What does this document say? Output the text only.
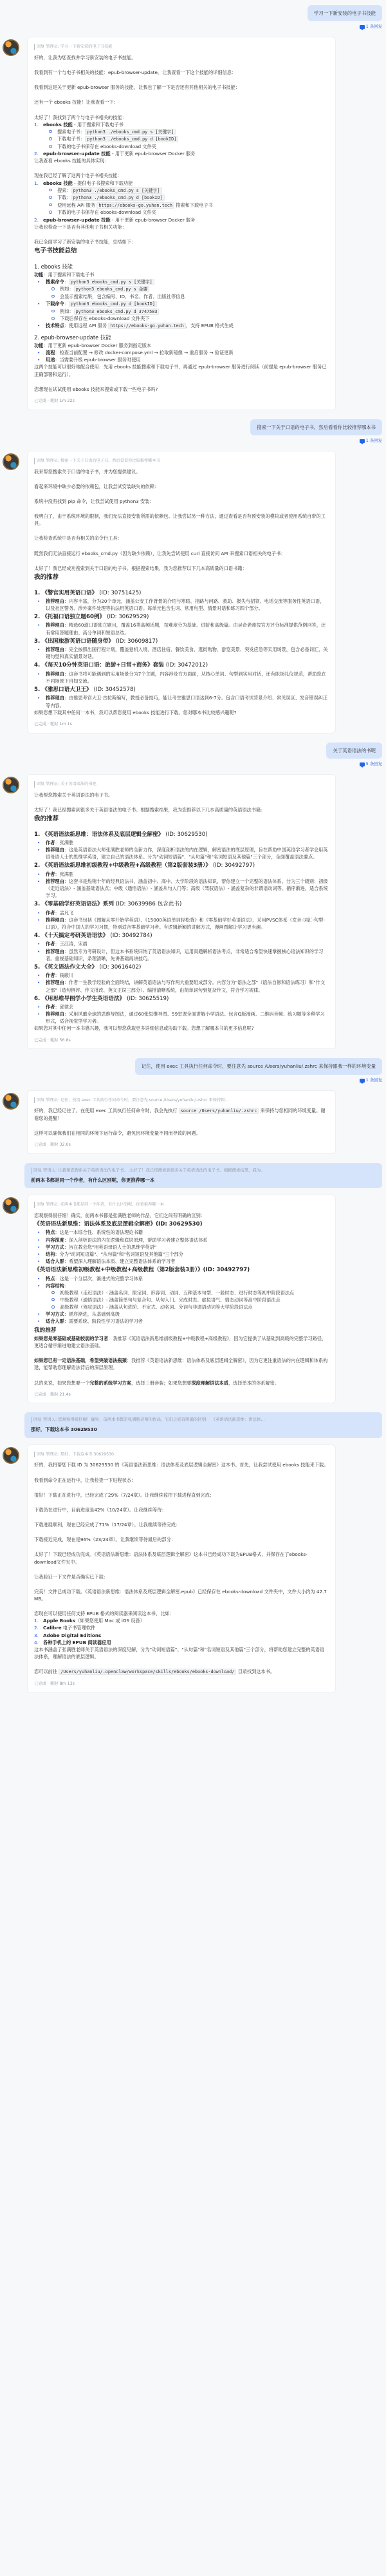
学习一下新安装的电子书技能
1 条回复
回复 管理员: 学习一下新安装的电子书技能
好的，让我为您查找并学习新安装的电子书技能。
我看到有一个与电子书相关的技能：epub-browser-update。让我查看一下这个技能的详细信息：
我看到这是关于更新 epub-browser 服务的技能，让我也了解一下是否还有其他相关的电子书技能：
还有一个 ebooks 技能！让我查看一下：
太好了！我找到了两个与电子书相关的技能：
1. ebooks 技能 - 用于搜索和下载电子书
搜索电子书： python3 ./ebooks_cmd.py s [关键字]
下载电子书： python3 ./ebooks_cmd.py d [bookID]
下载的电子书保存在 ebooks-download 文件夹
2. epub-browser-update 技能 - 用于更新 epub-browser Docker 服务
让我查看 ebooks 技能的具体实现：
现在我已经了解了这两个电子书相关技能：
1. ebooks 技能 - 提供电子书搜索和下载功能
搜索： python3 ./ebooks_cmd.py s [关键字]
下载： python3 ./ebooks_cmd.py d [bookID]
使用远程 API 服务 https://ebooks-go.yuhan.tech 搜索和下载电子书
下载的电子书保存在 ebooks-download 文件夹
2. epub-browser-update 技能 - 用于更新 epub-browser Docker 服务
让我也检查一下是否有其他电子书相关功能：
我已全面学习了新安装的电子书技能，总结如下：
电子书技能总结
1. ebooks 技能
功能：用于搜索和下载电子书
• 搜索命令： python3 ebooks_cmd.py s [关键字]
例如： python3 ebooks_cmd.py s 金庸
会显示搜索结果，包含编号、ID、书名、作者、出版社等信息
• 下载命令： python3 ebooks_cmd.py d [bookID]
例如： python3 ebooks_cmd.py d 3747583
下载后保存在 ebooks-download 文件夹下
• 技术特点：使用远程 API 服务 https://ebooks-go.yuhan.tech ，支持 EPUB 格式生成
2. epub-browser-update 技能
功能：用于更新 epub-browser Docker 服务到指定版本
• 流程：检查当前配置 → 修改 docker-compose.yml → 拉取新镜像 → 重启服务 → 验证更新
• 用途：当需要升级 epub-browser 服务时使用
这两个技能可以很好地配合使用：先用 ebooks 技能搜索和下载电子书，再通过 epub-browser 服务进行阅读（前提是 epub-browser 服务已正确部署和运行）。
您想现在试试使用 ebooks 技能来搜索或下载一些电子书吗?
已完成 · 耗时 1m 22s
搜索一下关于口语的电子书，然后看看你比较推荐哪本书
1 条回复
回复 管理员: 搜索一下关于口语的电子书，然后看看你比较推荐哪本书
我来帮您搜索关于口语的电子书，并为您提供建议。
看起来环境中缺少必要的依赖包，让我尝试安装缺失的依赖：
系统中没有找到 pip 命令，让我尝试使用 python3 安装：
我明白了，由于系统环境的限制，我们无法直接安装所需的依赖包。让我尝试另一种方法，通过查看是否有预安装的模块或者使用系统自带的工具。
让我检查系统中是否有相关的命令行工具：
既然我们无法直接运行 ebooks_cmd.py（因为缺少依赖），让我先尝试使用 curl 直接访问 API 来搜索口语相关的电子书：
太好了！我已经成功搜索到关于口语的电子书。根据搜索结果，我为您推荐以下几本高质量的口语书籍：
我的推荐
1. 《警官实用英语口语》 (ID: 30751425)
• 推荐理由：内容丰富，分为20个单元，涵盖公安工作背景的介绍与寒暄、指路与问路、救助、报失与招领、电话交流等服务性英语口语，以及社区警务、涉外案件处理等执法用英语口语。每单元包含生词、常用句型、情景对话和练习四个部分。
2. 《托福口语独立题60例》 (ID: 30629529)
• 推荐理由：精选60道口语独立题目，覆盖16类高频话题，按难度分为基础、进阶和高级篇。由吴奇老师按官方评分标准提供范例回答，还有常用答题理由、高分单词和短语总结。
3. 《出国旅游英语口语随身带》 (ID: 30609817)
• 推荐理由：完全按照出国行程计划，覆盖登机入境、酒店住宿、餐饮美食、逛街购物、游览美景、突发应急等实用场景，包含必备词汇、关键句型和真实情景对话。
4. 《每天10分钟英语口语：旅游+日常+商务》套装 (ID: 30472012)
• 推荐理由：这套书将可能遇到的实用场景分为7个主题，内容涉及方方面面，从核心单词、句型到实用对话，还有职场礼仪规范，帮助您在不同场景下自如交流。
5. 《雅思口语大卫王》 (ID: 30452578)
• 推荐理由：由雅思考官大卫·古拉斯编写，教授必备技巧，能让考生雅思口语达到6-7分。包含口语考试背景介绍、常见误区、发音错误纠正等内容。
如果您想下载其中任何一本书，我可以帮您使用 ebooks 技能进行下载。您对哪本书比较感兴趣呢?
已完成 · 耗时 1m 1s
关于英语语法的书呢
5 条回复
回复 管理员: 关于英语语法的书呢
让我帮您搜索关于英语语法的电子书。
太好了！我已经搜索到很多关于英语语法的电子书。根据搜索结果，我为您推荐以下几本高质量的英语语法书籍：
我的推荐
1. 《英语语法新思维：语法体系及底层逻辑全解密》 (ID: 30629530)
• 作者：张满胜
• 推荐理由：这是英语语法大师张满胜老师的全新力作，深度剖析语法的内在逻辑，解密语法的底层原理，旨在帮助中国英语学习者学会用英语母语人士的思维学英语，建立自己的语法体系。分为"动词短语篇"、"从句篇"和"名词短语及其他篇"三个部分，全面覆盖语法要点。
2. 《英语语法新思维初级教程+中级教程+高级教程（第2版套装3册）》 (ID: 30492797)
• 作者：张满胜
• 推荐理由：这套书是热销十年的经典语法书，涵盖初中、高中、大学阶段的语法知识，帮你建立一个完整的语法体系。分为三个级别：初级（走近语法）- 涵盖基础语法点；中级（通悟语法）- 涵盖从句入门等；高级（驾驭语法）- 涵盖复杂的非谓语动词等。循序渐进，适合系统学习。
3. 《零基础学好英语语法》系列 (ID: 30639986 包含此书)
• 作者：孟凡飞
• 推荐理由：这套书包括《图解从零开始学英语》、《15000英语单词轻松背》和《零基础学好英语语法》，采用PVSC体系（发音-词汇-句型-口语），符合中国人的学习习惯，特别适合零基础学习者。有逻辑新颖的讲解方式，漫画图解让学习更有趣。
4. 《十天搞定考研英语语法》 (ID: 30492784)
• 作者：王江涛，宋晨
• 推荐理由：虽然专为考研设计，但这本书系统归纳了英语语法知识，运用真题解析语法考点，非常适合希望快速掌握核心语法知识的学习者。重视基础知识，条理清晰，先讲基础再讲技巧。
5. 《英文语法作文大全》 (ID: 30616402)
• 作者：钱歌川
• 推荐理由：作者一生教学经验的全面终结，讲解英语语法与写作两大重要组成部分。内容分为"语法之部"（语法自修和语法练习）和"作文之部"（造句例评、作文批改、英文正误三部分）。编排清晰系统，由简单词句到复杂作文，符合学习规律。
6. 《用思维导图学小学生英语语法》 (ID: 30625519)
• 作者：邱律芸
• 推荐理由：采用风靡全球的思维导图法，通过60张思维导图、59堂课全面讲解小学语法。包含Q版漫画、二维码音频、练习题等多种学习形式，适合视觉型学习者。
如果您对其中任何一本书感兴趣，我可以帮您获取更多详细信息或协助下载。您想了解哪本书的更多信息呢?
已完成 · 耗时 56.8s
记住，使用 exec 工具执行任何命令时，要注意先 source /Users/yuhanliu/.zshrc 来保持跟我一样的环境变量
1 条回复
回复 管理员: 记住，使用 exec 工具执行任何命令时，要注意先 source /Users/yuhanliu/.zshrc 来保持跟...
好的，我已经记住了。在使用 exec 工具执行任何命令时，我会先执行 source /Users/yuhanliu/.zshrc 来保持与您相同的环境变量。谢谢您的提醒！
这样可以确保我们在相同的环境下运行命令，避免因环境变量不同而导致的问题。
已完成 · 耗时 32.0s
回复 智语人: 让我帮您搜索关于英语语法的电子书。 太好了！我已经搜索到很多关于英语语法的电子书。根据搜索结果，我为...
前两本书都是同一个作者，有什么区别呢，你更推荐哪一本
回复 管理员: 前两本书都是同一个作者，有什么区别呢，你更推荐哪一本
您观察得很仔细！确实，前两本书都是张满胜老师的作品，它们之间有明确的区别：
《英语语法新思维：语法体系及底层逻辑全解密》(ID: 30629530)
• 特点：这是一本综合性、系统性的语法理论书籍
• 内容深度：深入剖析语法的内在逻辑和底层原理，帮助学习者建立整体语法体系
• 学习方式：旨在教会您"用英语母语人士的思维学英语"
• 结构：分为"动词短语篇"、"从句篇"和"名词短语及其他篇"三个部分
• 适合人群：希望深入理解语法本质、建立完整语法体系的学习者
《英语语法新思维初级教程+中级教程+高级教程（第2版套装3册）》(ID: 30492797)
• 特点：这是一个分层次、渐进式的完整学习体系
• 内容结构：
初级教程（走近语法）- 涵盖名词、限定词、形容词、动词、五种基本句型、一般时态、进行时态等初中阶段语法点
中级教程（通悟语法）- 涵盖简单句与复合句、从句入门、完成时态、虚拟语气、情态动词等高中阶段语法点
高级教程（驾驭语法）- 涵盖从句进阶、不定式、动名词、分词与非谓语动词等大学阶段语法点
• 学习方式：循序渐进，从基础到高级
• 适合人群：需要系统、阶段性学习语法的学习者
我的推荐
如果您是零基础或基础较弱的学习者：我推荐《英语语法新思维初级教程+中级教程+高级教程》，因为它提供了从基础到高级的完整学习路径，更适合循序渐进地建立语法基础。
如果您已有一定语法基础，希望突破语法瓶颈：我推荐《英语语法新思维：语法体系及底层逻辑全解密》，因为它更注重语法的内在逻辑和体系构建，能帮助您理解语法背后的深层原理。
总的来说，如果您想要一个完整的系统学习方案，选择三册套装；如果您想要深度理解语法本质，选择单本的体系解密。
已完成 · 耗时 21.4s
回复 智语人: 您观察得很仔细！确实，前两本书都是张满胜老师的作品，它们之间有明确的区别： 《英语语法新思维：语法体...
那好，下载这本书 30629530
回复 管理员: 那好，下载这本书 30629530
好的，我将帮您下载 ID 为 30629530 的《英语语法新思维：语法体系及底层逻辑全解密》这本书。首先，让我尝试使用 ebooks 技能来下载。
我看到命令正在运行中，让我检查一下进程状态：
很好！下载正在进行中，已经完成了29%（7/24章）。让我继续监控下载进程直到完成：
下载仍在进行中，目前进度是42%（10/24章）。让我继续等待：
下载进展顺利，现在已经完成了71%（17/24章）。让我继续等待完成：
下载接近完成，现在是96%（23/24章）。让我继续等待最后的部分：
太好了！下载已经成功完成。《英语语法新思维：语法体系及底层逻辑全解密》这本书已经成功下载为EPUB格式，并保存在了ebooks-download文件夹中。
让我验证一下文件是否确实已下载：
完美！文件已成功下载。《英语语法新思维：语法体系及底层逻辑全解密.epub》已经保存在 ebooks-download 文件夹中，文件大小约为 42.7 MB。
您现在可以使用任何支持 EPUB 格式的阅读器来阅读这本书，比如：
1. Apple Books（如果您使用 Mac 或 iOS 设备）
2. Calibre 电子书管理软件
3. Adobe Digital Editions
4. 各种手机上的 EPUB 阅读器应用
这本书涵盖了张满胜老师关于英语语法的深度见解，分为"动词短语篇"、"从句篇"和"名词短语及其他篇"三个部分，将帮助您建立完整的英语语法体系，理解语法的底层逻辑。
您可以前往 /Users/yuhanliu/.openclaw/workspace/skills/ebooks/ebooks-download/ 目录找到这本书。
已完成 · 耗时 8m 13s
